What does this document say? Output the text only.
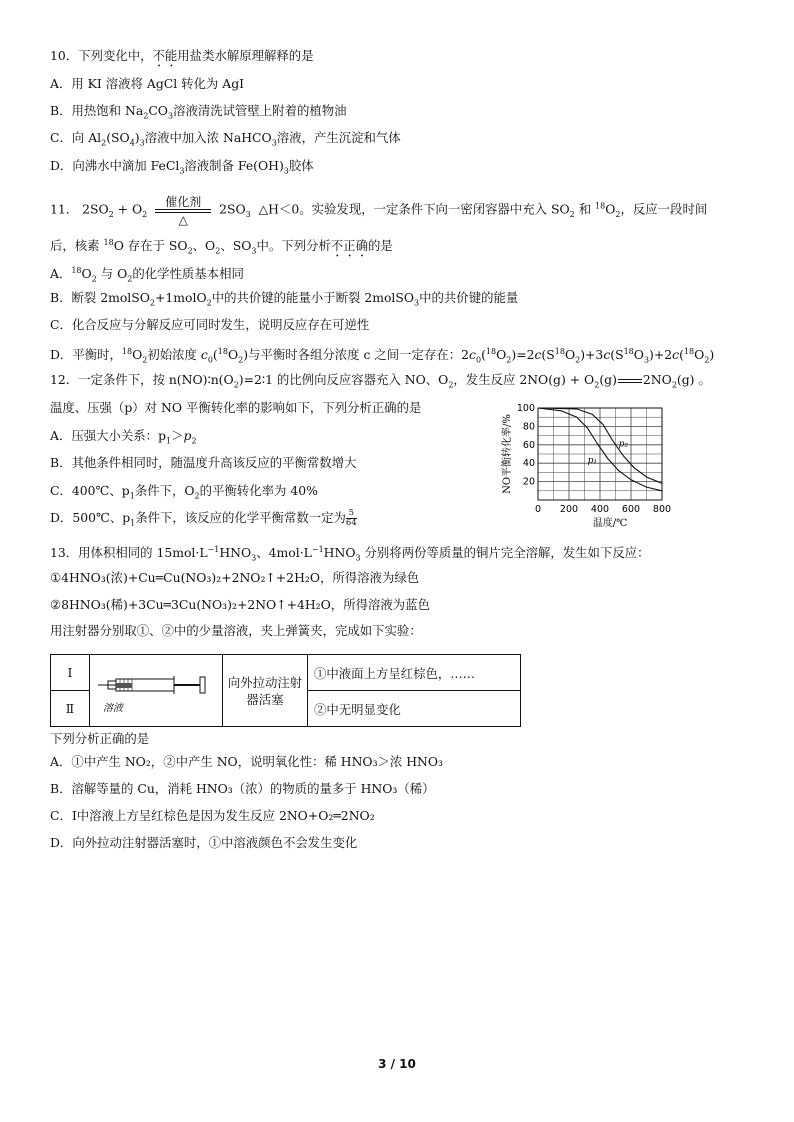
10．下列变化中，不能用盐类水解原理解释的是
A．用 KI 溶液将 AgCl 转化为 AgI
B．用热饱和 $Na_2CO_3$溶液清洗试管壁上附着的植物油
C．向 $Al_2(SO_4)_3$溶液中加入浓 NaHCO$_3$溶液，产生沉淀和气体
D．向沸水中滴加 FeCl$_3$溶液制备 $Fe(OH)_3$胶体
11． $2SO_2 + O_2$
催化剂
△
$2SO_3$  △H＜0。实验发现，一定条件下向一密闭容器中充入 $SO_2$ 和 $^{18}O_2$，反应一段时间
后，核素 $^{18}$O 存在于 $SO_2$、$O_2$、$SO_3$中。下列分析不正确的是
A．$^{18}O_2$ 与 $O_2$的化学性质基本相同
B．断裂 2molSO$_2$+1molO$_2$中的共价键的能量小于断裂 2molSO$_3$中的共价键的能量
C．化合反应与分解反应可同时发生，说明反应存在可逆性
D．平衡时，$^{18}O_2$初始浓度 $c_0(^{18}O_2)$与平衡时各组分浓度 c 之间一定存在：$2c_0(^{18}O_2)=2c(S^{18}O_2)+3c(S^{18}O_3)+2c(^{18}O_2)$
12．一定条件下，按 $n(NO)∶n(O_2)=2∶1$ 的比例向反应容器充入 NO、$O_2$，发生反应 $2NO(g) + O_2(g)$ $2NO_2(g)$ 。
温度、压强（p）对 NO 平衡转化率的影响如下，下列分析正确的是
A．压强大小关系：$p_1>p_2$
B．其他条件相同时，随温度升高该反应的平衡常数增大
C．400℃、$p_1$条件下，$O_2$的平衡转化率为 40%
D．500℃、$p_1$条件下，该反应的化学平衡常数一定为 $\frac{5}{64}$	0 200 400 600 800
20
40
60
80
100
温度/℃
NO平衡转化率/%	p₂
p₁
13．用体积相同的 $15mol\cdot L^{-1}HNO_3$、$4mol\cdot L^{-1}HNO_3$ 分别将两份等质量的铜片完全溶解，发生如下反应：
①4HNO₃(浓)+Cu═Cu(NO₃)₂+2NO₂↑+2H₂O，所得溶液为绿色
②8HNO₃(稀)+3Cu═3Cu(NO₃)₂+2NO↑+4H₂O，所得溶液为蓝色
用注射器分别取①、②中的少量溶液，夹上弹簧夹，完成如下实验：
Ⅰ		向外拉动注射器活塞	①中液面上方呈红棕色，……
Ⅱ			②中无明显变化
溶液
下列分析正确的是
A．①中产生 NO₂，②中产生 NO，说明氧化性：稀 HNO₃＞浓 HNO₃
B．溶解等量的 Cu，消耗 HNO₃（浓）的物质的量多于 HNO₃（稀）
C．Ⅰ中溶液上方呈红棕色是因为发生反应 2NO+O₂═2NO₂
D．向外拉动注射器活塞时，①中溶液颜色不会发生变化
3 / 10
